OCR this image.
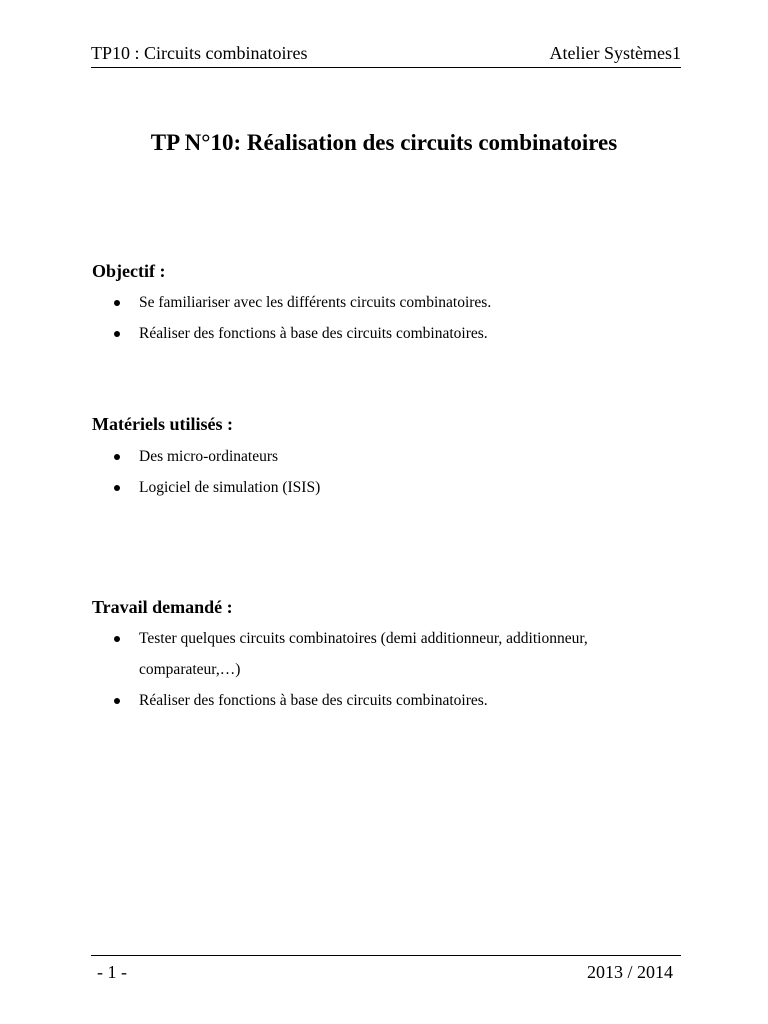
TP10 : Circuits combinatoires	Atelier Systèmes1
TP N°10: Réalisation des circuits combinatoires
Objectif :
Se familiariser avec les différents circuits combinatoires.
Réaliser des fonctions à base des circuits combinatoires.
Matériels utilisés :
Des micro-ordinateurs
Logiciel de simulation (ISIS)
Travail demandé :
Tester quelques circuits combinatoires (demi additionneur, additionneur, comparateur,…)
Réaliser des fonctions à base des circuits combinatoires.
- 1 -	2013 / 2014
